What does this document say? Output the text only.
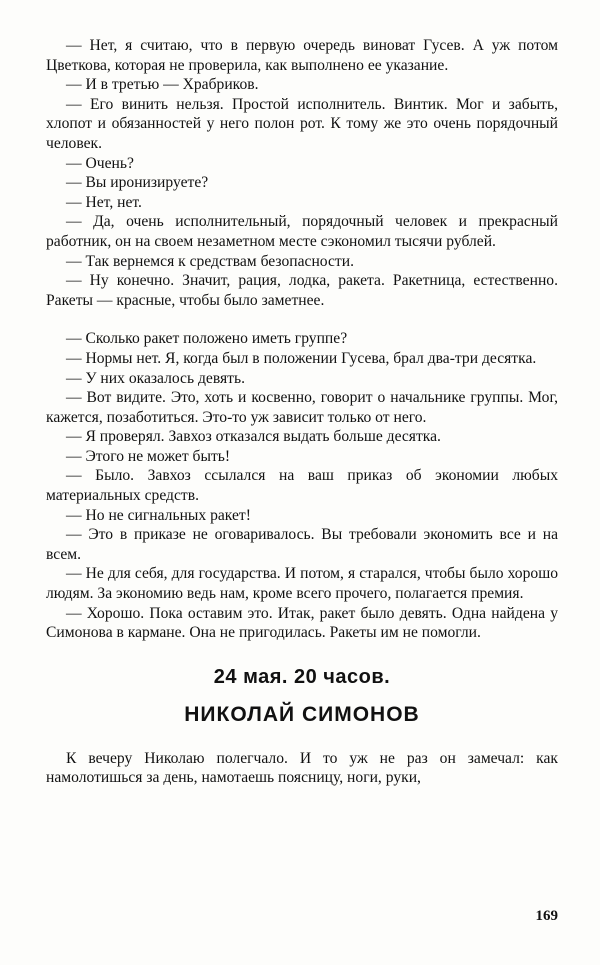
— Нет, я считаю, что в первую очередь виноват Гусев. А уж потом Цветкова, которая не проверила, как выполнено ее указание.

— И в третью — Храбриков.

— Его винить нельзя. Простой исполнитель. Винтик. Мог и забыть, хлопот и обязанностей у него полон рот. К тому же это очень порядочный человек.

— Очень?

— Вы иронизируете?

— Нет, нет.

— Да, очень исполнительный, порядочный человек и прекрасный работник, он на своем незаметном месте сэкономил тысячи рублей.

— Так вернемся к средствам безопасности.

— Ну конечно. Значит, рация, лодка, ракета. Ракетница, естественно. Ракеты — красные, чтобы было заметнее.

— Сколько ракет положено иметь группе?

— Нормы нет. Я, когда был в положении Гусева, брал два-три десятка.

— У них оказалось девять.

— Вот видите. Это, хоть и косвенно, говорит о начальнике группы. Мог, кажется, позаботиться. Это-то уж зависит только от него.

— Я проверял. Завхоз отказался выдать больше десятка.

— Этого не может быть!

— Было. Завхоз ссылался на ваш приказ об экономии любых материальных средств.

— Но не сигнальных ракет!

— Это в приказе не оговаривалось. Вы требовали экономить все и на всем.

— Не для себя, для государства. И потом, я старался, чтобы было хорошо людям. За экономию ведь нам, кроме всего прочего, полагается премия.

— Хорошо. Пока оставим это. Итак, ракет было девять. Одна найдена у Симонова в кармане. Она не пригодилась. Ракеты им не помогли.

24 мая. 20 часов.
НИКОЛАЙ СИМОНОВ

К вечеру Николаю полегчало. И то уж не раз он замечал: как намолотишься за день, намотаешь поясницу, ноги, руки,

169
